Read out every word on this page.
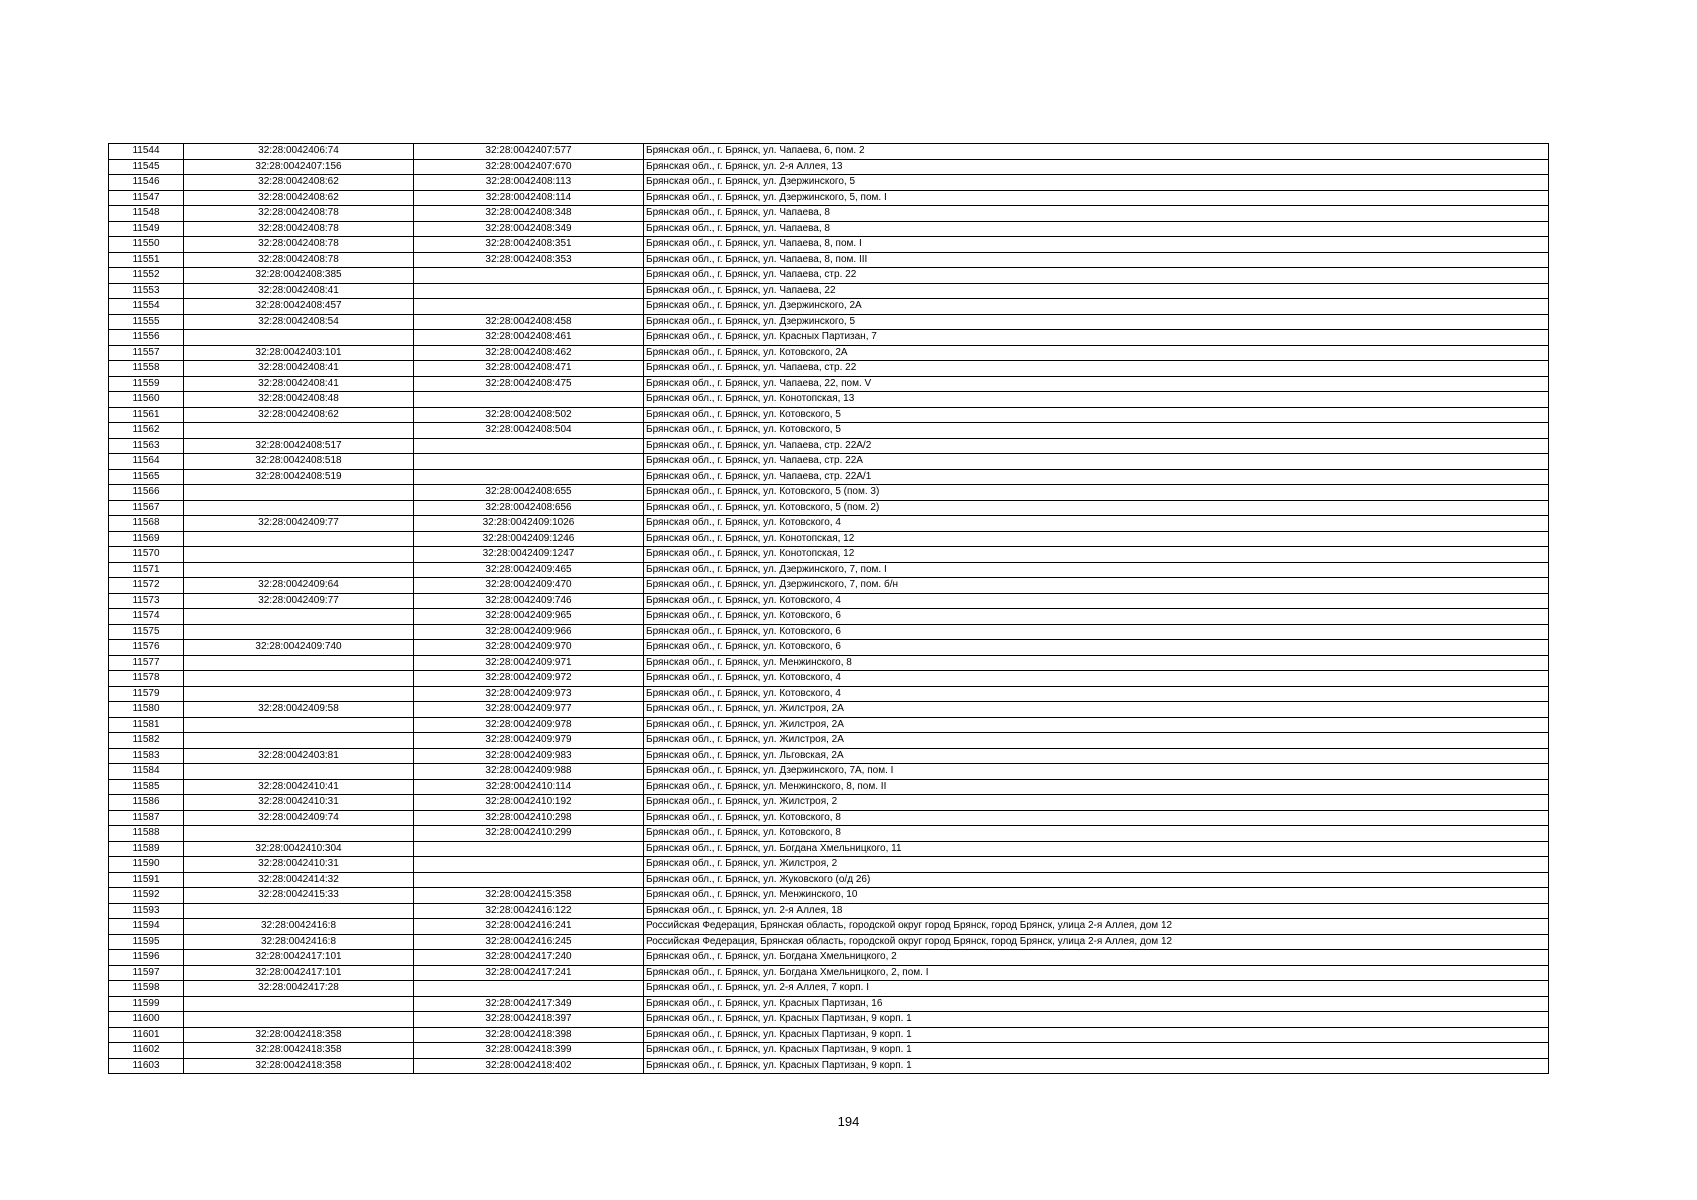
11544	32:28:0042406:74	32:28:0042407:577	Брянская обл., г. Брянск, ул. Чапаева, 6, пом. 2
11545	32:28:0042407:156	32:28:0042407:670	Брянская обл., г. Брянск, ул. 2-я Аллея, 13
11546	32:28:0042408:62	32:28:0042408:113	Брянская обл., г. Брянск, ул. Дзержинского, 5
11547	32:28:0042408:62	32:28:0042408:114	Брянская обл., г. Брянск, ул. Дзержинского, 5, пом. I
11548	32:28:0042408:78	32:28:0042408:348	Брянская обл., г. Брянск, ул. Чапаева, 8
11549	32:28:0042408:78	32:28:0042408:349	Брянская обл., г. Брянск, ул. Чапаева, 8
11550	32:28:0042408:78	32:28:0042408:351	Брянская обл., г. Брянск, ул. Чапаева, 8, пом. I
11551	32:28:0042408:78	32:28:0042408:353	Брянская обл., г. Брянск, ул. Чапаева, 8, пом. III
11552	32:28:0042408:385		Брянская обл., г. Брянск, ул. Чапаева, стр. 22
11553	32:28:0042408:41		Брянская обл., г. Брянск, ул. Чапаева, 22
11554	32:28:0042408:457		Брянская обл., г. Брянск, ул. Дзержинского, 2А
11555	32:28:0042408:54	32:28:0042408:458	Брянская обл., г. Брянск, ул. Дзержинского, 5
11556		32:28:0042408:461	Брянская обл., г. Брянск, ул. Красных Партизан, 7
11557	32:28:0042403:101	32:28:0042408:462	Брянская обл., г. Брянск, ул. Котовского, 2А
11558	32:28:0042408:41	32:28:0042408:471	Брянская обл., г. Брянск, ул. Чапаева, стр. 22
11559	32:28:0042408:41	32:28:0042408:475	Брянская обл., г. Брянск, ул. Чапаева, 22, пом. V
11560	32:28:0042408:48		Брянская обл., г. Брянск, ул. Конотопская, 13
11561	32:28:0042408:62	32:28:0042408:502	Брянская обл., г. Брянск, ул. Котовского, 5
11562		32:28:0042408:504	Брянская обл., г. Брянск, ул. Котовского, 5
11563	32:28:0042408:517		Брянская обл., г. Брянск, ул. Чапаева, стр. 22А/2
11564	32:28:0042408:518		Брянская обл., г. Брянск, ул. Чапаева, стр. 22А
11565	32:28:0042408:519		Брянская обл., г. Брянск, ул. Чапаева, стр. 22А/1
11566		32:28:0042408:655	Брянская обл., г. Брянск, ул. Котовского, 5 (пом. 3)
11567		32:28:0042408:656	Брянская обл., г. Брянск, ул. Котовского, 5 (пом. 2)
11568	32:28:0042409:77	32:28:0042409:1026	Брянская обл., г. Брянск, ул. Котовского, 4
11569		32:28:0042409:1246	Брянская обл., г. Брянск, ул. Конотопская, 12
11570		32:28:0042409:1247	Брянская обл., г. Брянск, ул. Конотопская, 12
11571		32:28:0042409:465	Брянская обл., г. Брянск, ул. Дзержинского, 7, пом. I
11572	32:28:0042409:64	32:28:0042409:470	Брянская обл., г. Брянск, ул. Дзержинского, 7, пом. б/н
11573	32:28:0042409:77	32:28:0042409:746	Брянская обл., г. Брянск, ул. Котовского, 4
11574		32:28:0042409:965	Брянская обл., г. Брянск, ул. Котовского, 6
11575		32:28:0042409:966	Брянская обл., г. Брянск, ул. Котовского, 6
11576	32:28:0042409:740	32:28:0042409:970	Брянская обл., г. Брянск, ул. Котовского, 6
11577		32:28:0042409:971	Брянская обл., г. Брянск, ул. Менжинского, 8
11578		32:28:0042409:972	Брянская обл., г. Брянск, ул. Котовского, 4
11579		32:28:0042409:973	Брянская обл., г. Брянск, ул. Котовского, 4
11580	32:28:0042409:58	32:28:0042409:977	Брянская обл., г. Брянск, ул. Жилстроя, 2А
11581		32:28:0042409:978	Брянская обл., г. Брянск, ул. Жилстроя, 2А
11582		32:28:0042409:979	Брянская обл., г. Брянск, ул. Жилстроя, 2А
11583	32:28:0042403:81	32:28:0042409:983	Брянская обл., г. Брянск, ул. Льговская, 2А
11584		32:28:0042409:988	Брянская обл., г. Брянск, ул. Дзержинского, 7А, пом. I
11585	32:28:0042410:41	32:28:0042410:114	Брянская обл., г. Брянск, ул. Менжинского, 8, пом. II
11586	32:28:0042410:31	32:28:0042410:192	Брянская обл., г. Брянск, ул. Жилстроя, 2
11587	32:28:0042409:74	32:28:0042410:298	Брянская обл., г. Брянск, ул. Котовского, 8
11588		32:28:0042410:299	Брянская обл., г. Брянск, ул. Котовского, 8
11589	32:28:0042410:304		Брянская обл., г. Брянск, ул. Богдана Хмельницкого, 11
11590	32:28:0042410:31		Брянская обл., г. Брянск, ул. Жилстроя, 2
11591	32:28:0042414:32		Брянская обл., г. Брянск, ул. Жуковского (о/д 26)
11592	32:28:0042415:33	32:28:0042415:358	Брянская обл., г. Брянск, ул. Менжинского, 10
11593		32:28:0042416:122	Брянская обл., г. Брянск, ул. 2-я Аллея, 18
11594	32:28:0042416:8	32:28:0042416:241	Российская Федерация, Брянская область, городской округ город Брянск, город Брянск, улица 2-я Аллея, дом 12
11595	32:28:0042416:8	32:28:0042416:245	Российская Федерация, Брянская область, городской округ город Брянск, город Брянск, улица 2-я Аллея, дом 12
11596	32:28:0042417:101	32:28:0042417:240	Брянская обл., г. Брянск, ул. Богдана Хмельницкого, 2
11597	32:28:0042417:101	32:28:0042417:241	Брянская обл., г. Брянск, ул. Богдана Хмельницкого, 2, пом. I
11598	32:28:0042417:28		Брянская обл., г. Брянск, ул. 2-я Аллея, 7 корп. I
11599		32:28:0042417:349	Брянская обл., г. Брянск, ул. Красных Партизан, 16
11600		32:28:0042418:397	Брянская обл., г. Брянск, ул. Красных Партизан, 9 корп. 1
11601	32:28:0042418:358	32:28:0042418:398	Брянская обл., г. Брянск, ул. Красных Партизан, 9 корп. 1
11602	32:28:0042418:358	32:28:0042418:399	Брянская обл., г. Брянск, ул. Красных Партизан, 9 корп. 1
11603	32:28:0042418:358	32:28:0042418:402	Брянская обл., г. Брянск, ул. Красных Партизан, 9 корп. 1
194
